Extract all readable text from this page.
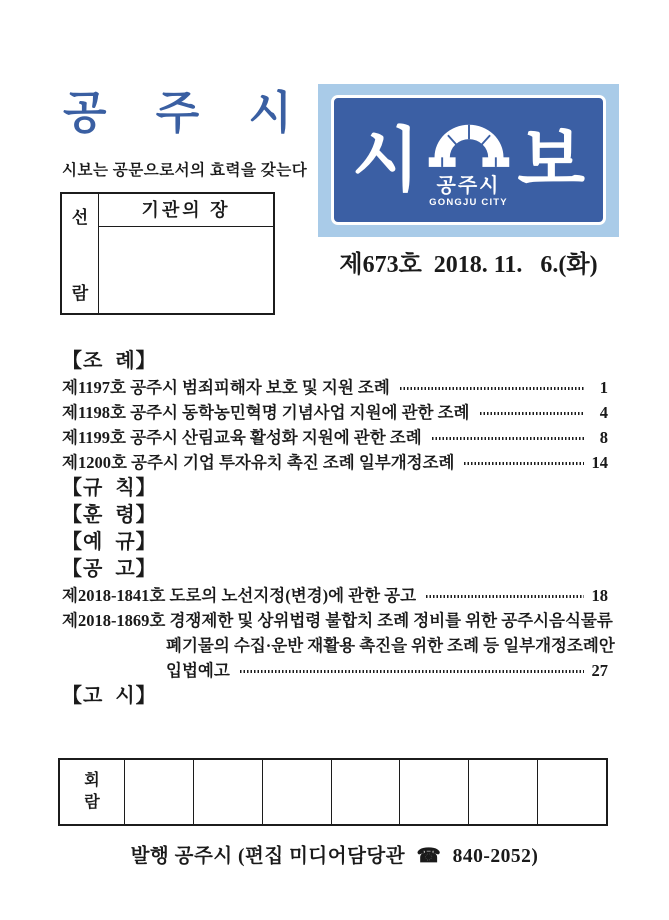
공 주 시
시보는 공문으로서의 효력을 갖는다
선
람
기관의 장
시 공주시
GONGJU CITY
보
제673호  2018. 11.   6.(화)
【조  례】
제1197호 공주시 범죄피해자 보호 및 지원 조례	1
제1198호 공주시 동학농민혁명 기념사업 지원에 관한 조례	4
제1199호 공주시 산림교육 활성화 지원에 관한 조례	8
제1200호 공주시 기업 투자유치 촉진 조례 일부개정조례	14
【규  칙】
【훈  령】
【예  규】
【공  고】
제2018-1841호 도로의 노선지정(변경)에 관한 공고	18
제2018-1869호 경쟁제한 및 상위법령 불합치 조례 정비를 위한 공주시음식물류
폐기물의 수집·운반 재활용 촉진을 위한 조례 등 일부개정조례안
입법예고	27
【고  시】
회
람
발행 공주시 (편집 미디어담당관 ☎ 840-2052)
